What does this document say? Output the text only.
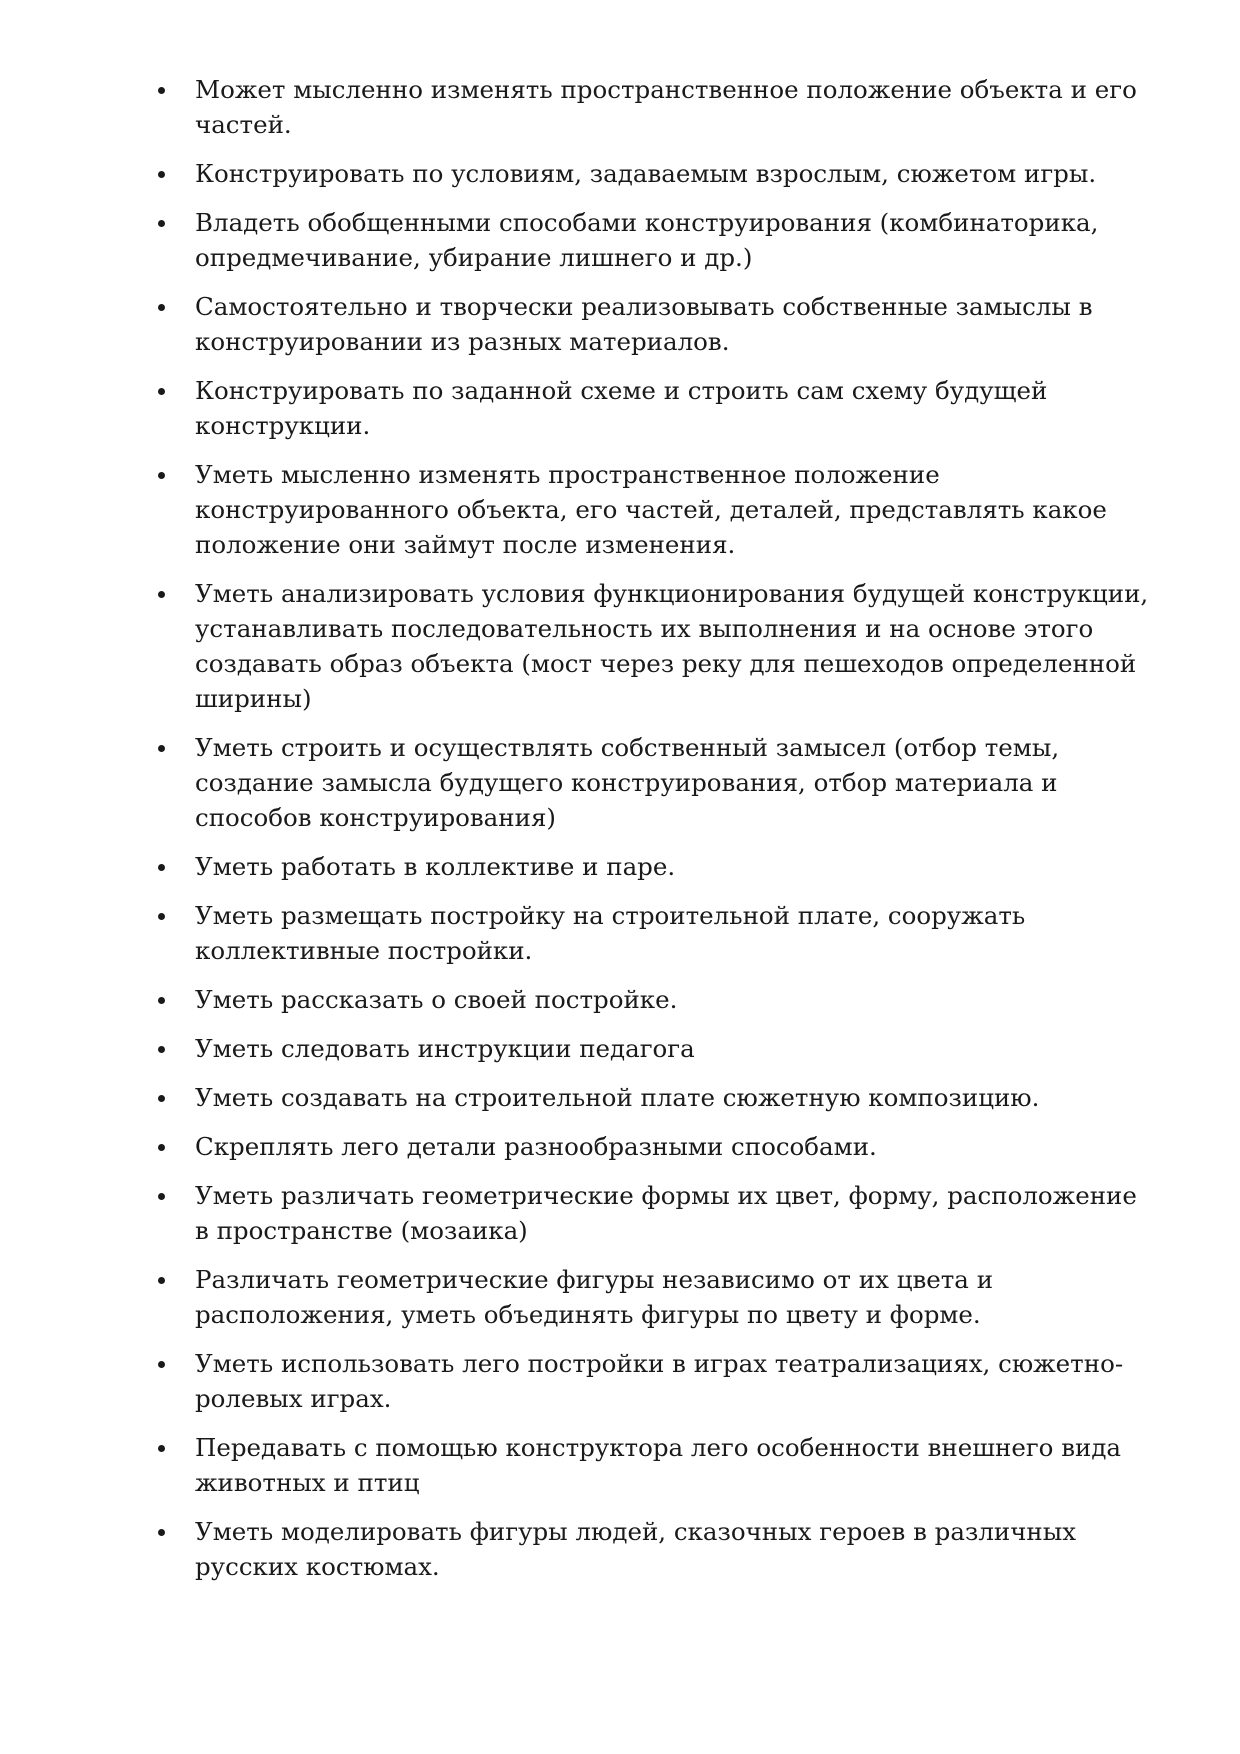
Может мысленно изменять пространственное положение объекта и его частей.
Конструировать по условиям, задаваемым взрослым, сюжетом игры.
Владеть обобщенными способами конструирования (комбинаторика, опредмечивание, убирание лишнего и др.)
Самостоятельно и творчески реализовывать собственные замыслы в конструировании из разных материалов.
Конструировать по заданной схеме и строить сам схему будущей конструкции.
Уметь мысленно изменять пространственное положение конструированного объекта, его частей, деталей, представлять какое положение они займут после изменения.
Уметь анализировать условия функционирования будущей конструкции, устанавливать последовательность их выполнения и на основе этого создавать образ объекта (мост через реку для пешеходов определенной ширины)
Уметь строить и осуществлять собственный замысел (отбор темы, создание замысла будущего конструирования, отбор материала и способов конструирования)
Уметь работать в коллективе и паре.
Уметь размещать постройку на строительной плате, сооружать коллективные постройки.
Уметь рассказать о своей постройке.
Уметь следовать инструкции педагога
Уметь создавать на строительной плате сюжетную композицию.
Скреплять лего детали разнообразными способами.
Уметь различать геометрические формы их цвет, форму, расположение в пространстве (мозаика)
Различать геометрические фигуры независимо от их цвета и расположения, уметь объединять фигуры по цвету и форме.
Уметь использовать лего постройки в играх театрализациях, сюжетно-ролевых играх.
Передавать с помощью конструктора лего особенности внешнего вида животных и птиц
Уметь моделировать фигуры людей, сказочных героев в различных русских костюмах.
